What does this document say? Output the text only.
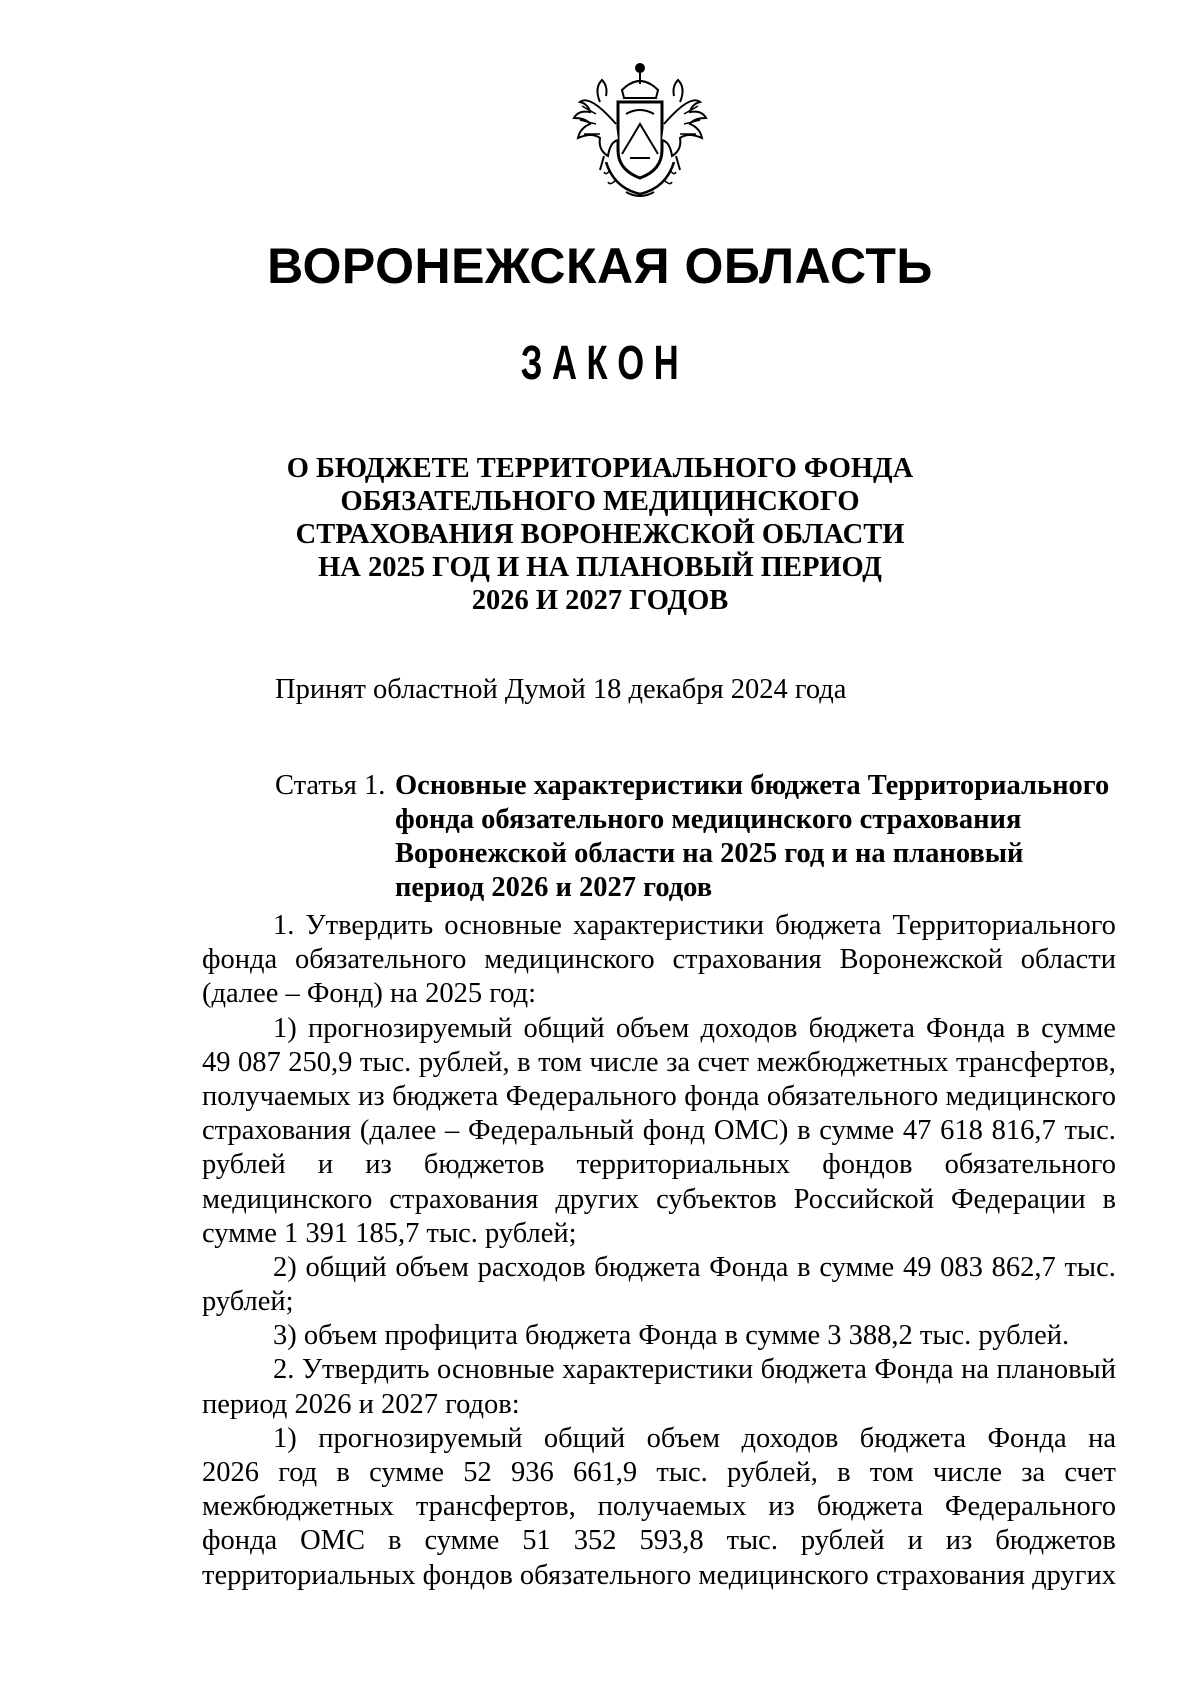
ВОРОНЕЖСКАЯ ОБЛАСТЬ
З А К О Н
О БЮДЖЕТЕ ТЕРРИТОРИАЛЬНОГО ФОНДА
ОБЯЗАТЕЛЬНОГО МЕДИЦИНСКОГО
СТРАХОВАНИЯ ВОРОНЕЖСКОЙ ОБЛАСТИ
НА 2025 ГОД И НА ПЛАНОВЫЙ ПЕРИОД
2026 И 2027 ГОДОВ
Принят областной Думой 18 декабря 2024 года
Статья 1. Основные характеристики бюджета Территориального
фонда обязательного медицинского страхования
Воронежской области на 2025 год и на плановый
период 2026 и 2027 годов
1. Утвердить основные характеристики бюджета Территориального
фонда обязательного медицинского страхования Воронежской области
(далее – Фонд) на 2025 год:
1) прогнозируемый общий объем доходов бюджета Фонда в сумме
49 087 250,9 тыс. рублей, в том числе за счет межбюджетных трансфертов,
получаемых из бюджета Федерального фонда обязательного медицинского
страхования (далее – Федеральный фонд ОМС) в сумме 47 618 816,7 тыс.
рублей и из бюджетов территориальных фондов обязательного
медицинского страхования других субъектов Российской Федерации в
сумме 1 391 185,7 тыс. рублей;
2) общий объем расходов бюджета Фонда в сумме 49 083 862,7 тыс.
рублей;
3) объем профицита бюджета Фонда в сумме 3 388,2 тыс. рублей.
2. Утвердить основные характеристики бюджета Фонда на плановый
период 2026 и 2027 годов:
1) прогнозируемый общий объем доходов бюджета Фонда на
2026 год в сумме 52 936 661,9 тыс. рублей, в том числе за счет
межбюджетных трансфертов, получаемых из бюджета Федерального
фонда ОМС в сумме 51 352 593,8 тыс. рублей и из бюджетов
территориальных фондов обязательного медицинского страхования других
